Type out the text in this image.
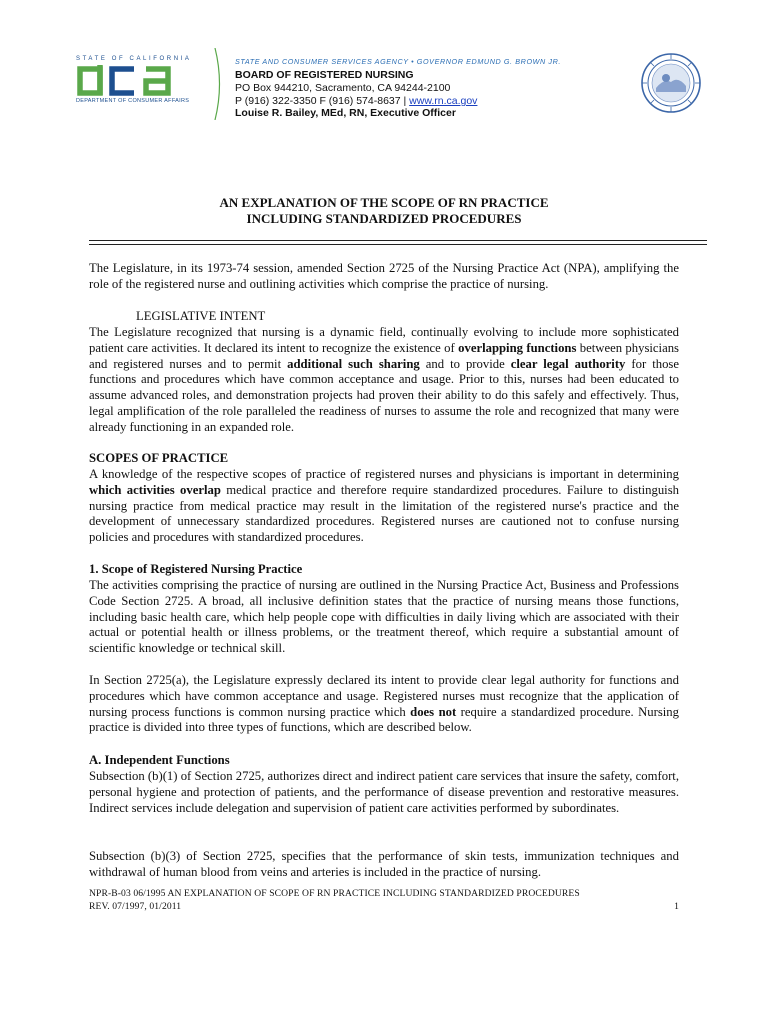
STATE OF CALIFORNIA
dca
DEPARTMENT OF CONSUMER AFFAIRS
STATE AND CONSUMER SERVICES AGENCY • GOVERNOR EDMUND G. BROWN JR.
BOARD OF REGISTERED NURSING
PO Box 944210, Sacramento, CA 94244-2100
P (916) 322-3350 F (916) 574-8637 | www.rn.ca.gov
Louise R. Bailey, MEd, RN, Executive Officer
AN EXPLANATION OF THE SCOPE OF RN PRACTICE
INCLUDING STANDARDIZED PROCEDURES
The Legislature, in its 1973-74 session, amended Section 2725 of the Nursing Practice Act (NPA), amplifying the role of the registered nurse and outlining activities which comprise the practice of nursing.
LEGISLATIVE INTENT
The Legislature recognized that nursing is a dynamic field, continually evolving to include more sophisticated patient care activities. It declared its intent to recognize the existence of overlapping functions between physicians and registered nurses and to permit additional such sharing and to provide clear legal authority for those functions and procedures which have common acceptance and usage. Prior to this, nurses had been educated to assume advanced roles, and demonstration projects had proven their ability to do this safely and effectively. Thus, legal amplification of the role paralleled the readiness of nurses to assume the role and recognized that many were already functioning in an expanded role.
SCOPES OF PRACTICE
A knowledge of the respective scopes of practice of registered nurses and physicians is important in determining which activities overlap medical practice and therefore require standardized procedures. Failure to distinguish nursing practice from medical practice may result in the limitation of the registered nurse's practice and the development of unnecessary standardized procedures. Registered nurses are cautioned not to confuse nursing policies and procedures with standardized procedures.
1. Scope of Registered Nursing Practice
The activities comprising the practice of nursing are outlined in the Nursing Practice Act, Business and Professions Code Section 2725. A broad, all inclusive definition states that the practice of nursing means those functions, including basic health care, which help people cope with difficulties in daily living which are associated with their actual or potential health or illness problems, or the treatment thereof, which require a substantial amount of scientific knowledge or technical skill.
In Section 2725(a), the Legislature expressly declared its intent to provide clear legal authority for functions and procedures which have common acceptance and usage. Registered nurses must recognize that the application of nursing process functions is common nursing practice which does not require a standardized procedure. Nursing practice is divided into three types of functions, which are described below.
A. Independent Functions
Subsection (b)(1) of Section 2725, authorizes direct and indirect patient care services that insure the safety, comfort, personal hygiene and protection of patients, and the performance of disease prevention and restorative measures. Indirect services include delegation and supervision of patient care activities performed by subordinates.
Subsection (b)(3) of Section 2725, specifies that the performance of skin tests, immunization techniques and withdrawal of human blood from veins and arteries is included in the practice of nursing.
NPR-B-03 06/1995 AN EXPLANATION OF SCOPE OF RN PRACTICE INCLUDING STANDARDIZED PROCEDURES
REV. 07/1997, 01/2011	1
